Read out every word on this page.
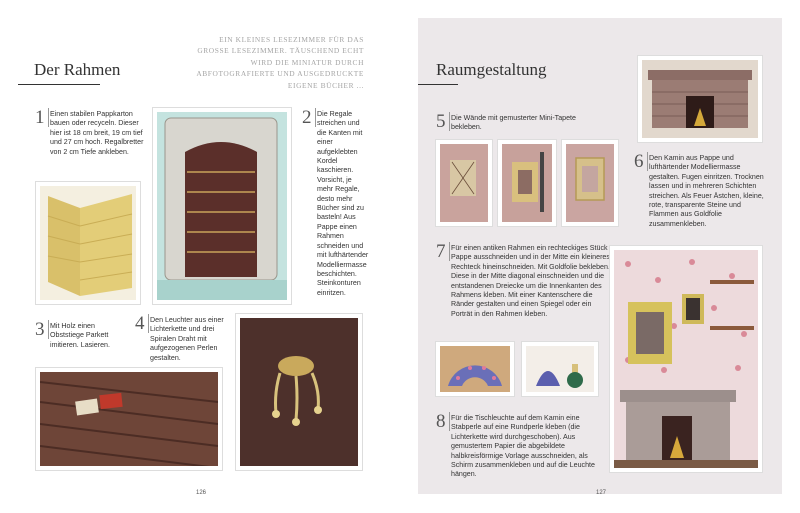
Der Rahmen
EIN KLEINES LESEZIMMER FÜR DAS GROSSE LESEZIMMER. TÄUSCHEND ECHT WIRD DIE MINIATUR DURCH ABFOTOGRAFIERTE UND AUSGEDRUCKTE EIGENE BÜCHER ...
1 Einen stabilen Pappkarton bauen oder recyceln. Dieser hier ist 18 cm breit, 19 cm tief und 27 cm hoch. Regalbretter von 2 cm Tiefe ankleben.
2 Die Regale streichen und die Kanten mit einer aufgeklebten Kordel kaschieren. Vorsicht, je mehr Regale, desto mehr Bücher sind zu basteln! Aus Pappe einen Rahmen schneiden und mit lufthärtender Modelliermasse beschichten. Steinkonturen einritzen.
3 Mit Holz einen Obststiege Parkett imitieren. Lasieren.
4 Den Leuchter aus einer Lichterkette und drei Spiralen Draht mit aufgezogenen Perlen gestalten.
126
Raumgestaltung
5 Die Wände mit gemusterter Mini-Tapete bekleben.
6 Den Kamin aus Pappe und lufthärtender Modelliermasse gestalten. Fugen einritzen. Trocknen lassen und in mehreren Schichten streichen. Als Feuer Ästchen, kleine, rote, transparente Steine und Flammen aus Goldfolie zusammenkleben.
7 Für einen antiken Rahmen ein rechteckiges Stück Pappe ausschneiden und in der Mitte ein kleineres Rechteck hineinschneiden. Mit Goldfolie bekleben. Diese in der Mitte diagonal einschneiden und die entstandenen Dreiecke um die Innenkanten des Rahmens kleben. Mit einer Kantenschere die Ränder gestalten und einen Spiegel oder ein Porträt in den Rahmen kleben.
8 Für die Tischleuchte auf dem Kamin eine Stabperle auf eine Rundperle kleben (die Lichterkette wird durchgeschoben). Aus gemustertem Papier die abgebildete halbkreisförmige Vorlage ausschneiden, als Schirm zusammenkleben und auf die Leuchte hängen.
127
